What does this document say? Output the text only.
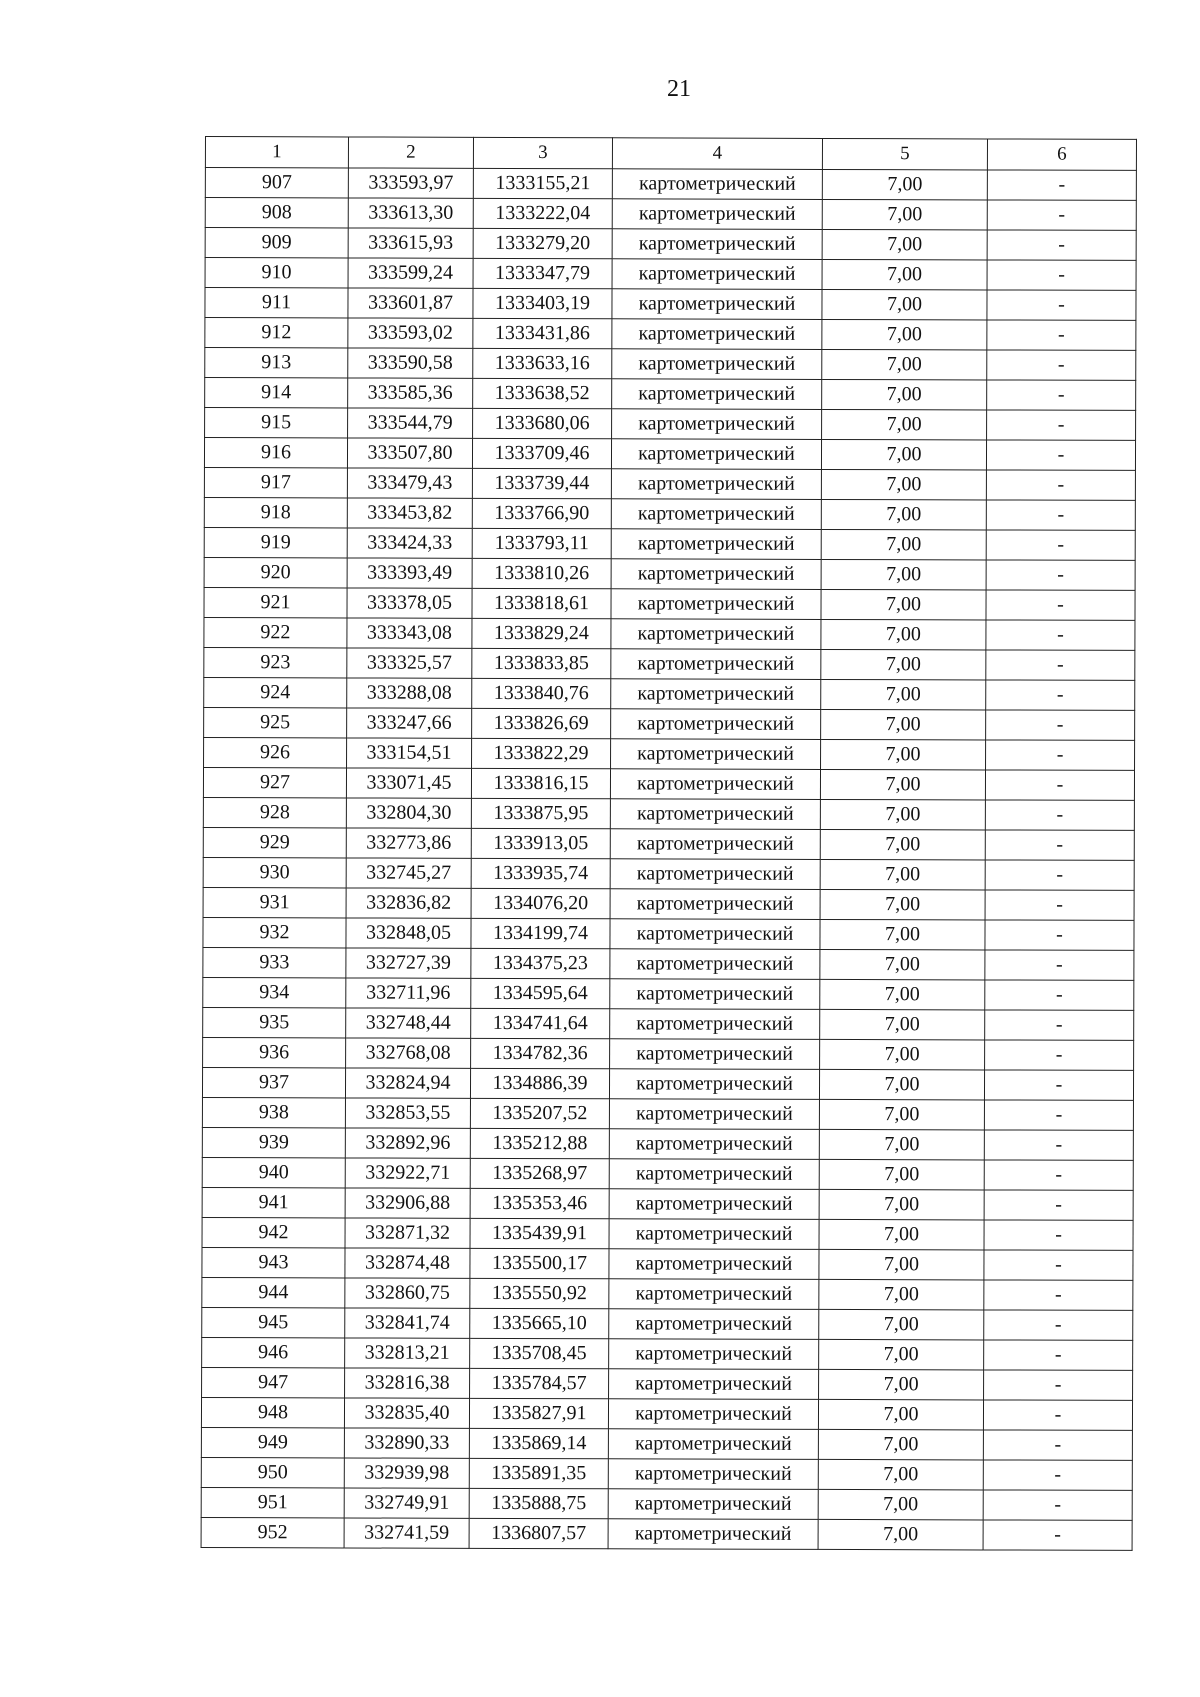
21
1	2	3	4	5	6
907	333593,97	1333155,21	картометрический	7,00	-
908	333613,30	1333222,04	картометрический	7,00	-
909	333615,93	1333279,20	картометрический	7,00	-
910	333599,24	1333347,79	картометрический	7,00	-
911	333601,87	1333403,19	картометрический	7,00	-
912	333593,02	1333431,86	картометрический	7,00	-
913	333590,58	1333633,16	картометрический	7,00	-
914	333585,36	1333638,52	картометрический	7,00	-
915	333544,79	1333680,06	картометрический	7,00	-
916	333507,80	1333709,46	картометрический	7,00	-
917	333479,43	1333739,44	картометрический	7,00	-
918	333453,82	1333766,90	картометрический	7,00	-
919	333424,33	1333793,11	картометрический	7,00	-
920	333393,49	1333810,26	картометрический	7,00	-
921	333378,05	1333818,61	картометрический	7,00	-
922	333343,08	1333829,24	картометрический	7,00	-
923	333325,57	1333833,85	картометрический	7,00	-
924	333288,08	1333840,76	картометрический	7,00	-
925	333247,66	1333826,69	картометрический	7,00	-
926	333154,51	1333822,29	картометрический	7,00	-
927	333071,45	1333816,15	картометрический	7,00	-
928	332804,30	1333875,95	картометрический	7,00	-
929	332773,86	1333913,05	картометрический	7,00	-
930	332745,27	1333935,74	картометрический	7,00	-
931	332836,82	1334076,20	картометрический	7,00	-
932	332848,05	1334199,74	картометрический	7,00	-
933	332727,39	1334375,23	картометрический	7,00	-
934	332711,96	1334595,64	картометрический	7,00	-
935	332748,44	1334741,64	картометрический	7,00	-
936	332768,08	1334782,36	картометрический	7,00	-
937	332824,94	1334886,39	картометрический	7,00	-
938	332853,55	1335207,52	картометрический	7,00	-
939	332892,96	1335212,88	картометрический	7,00	-
940	332922,71	1335268,97	картометрический	7,00	-
941	332906,88	1335353,46	картометрический	7,00	-
942	332871,32	1335439,91	картометрический	7,00	-
943	332874,48	1335500,17	картометрический	7,00	-
944	332860,75	1335550,92	картометрический	7,00	-
945	332841,74	1335665,10	картометрический	7,00	-
946	332813,21	1335708,45	картометрический	7,00	-
947	332816,38	1335784,57	картометрический	7,00	-
948	332835,40	1335827,91	картометрический	7,00	-
949	332890,33	1335869,14	картометрический	7,00	-
950	332939,98	1335891,35	картометрический	7,00	-
951	332749,91	1335888,75	картометрический	7,00	-
952	332741,59	1336807,57	картометрический	7,00	-
